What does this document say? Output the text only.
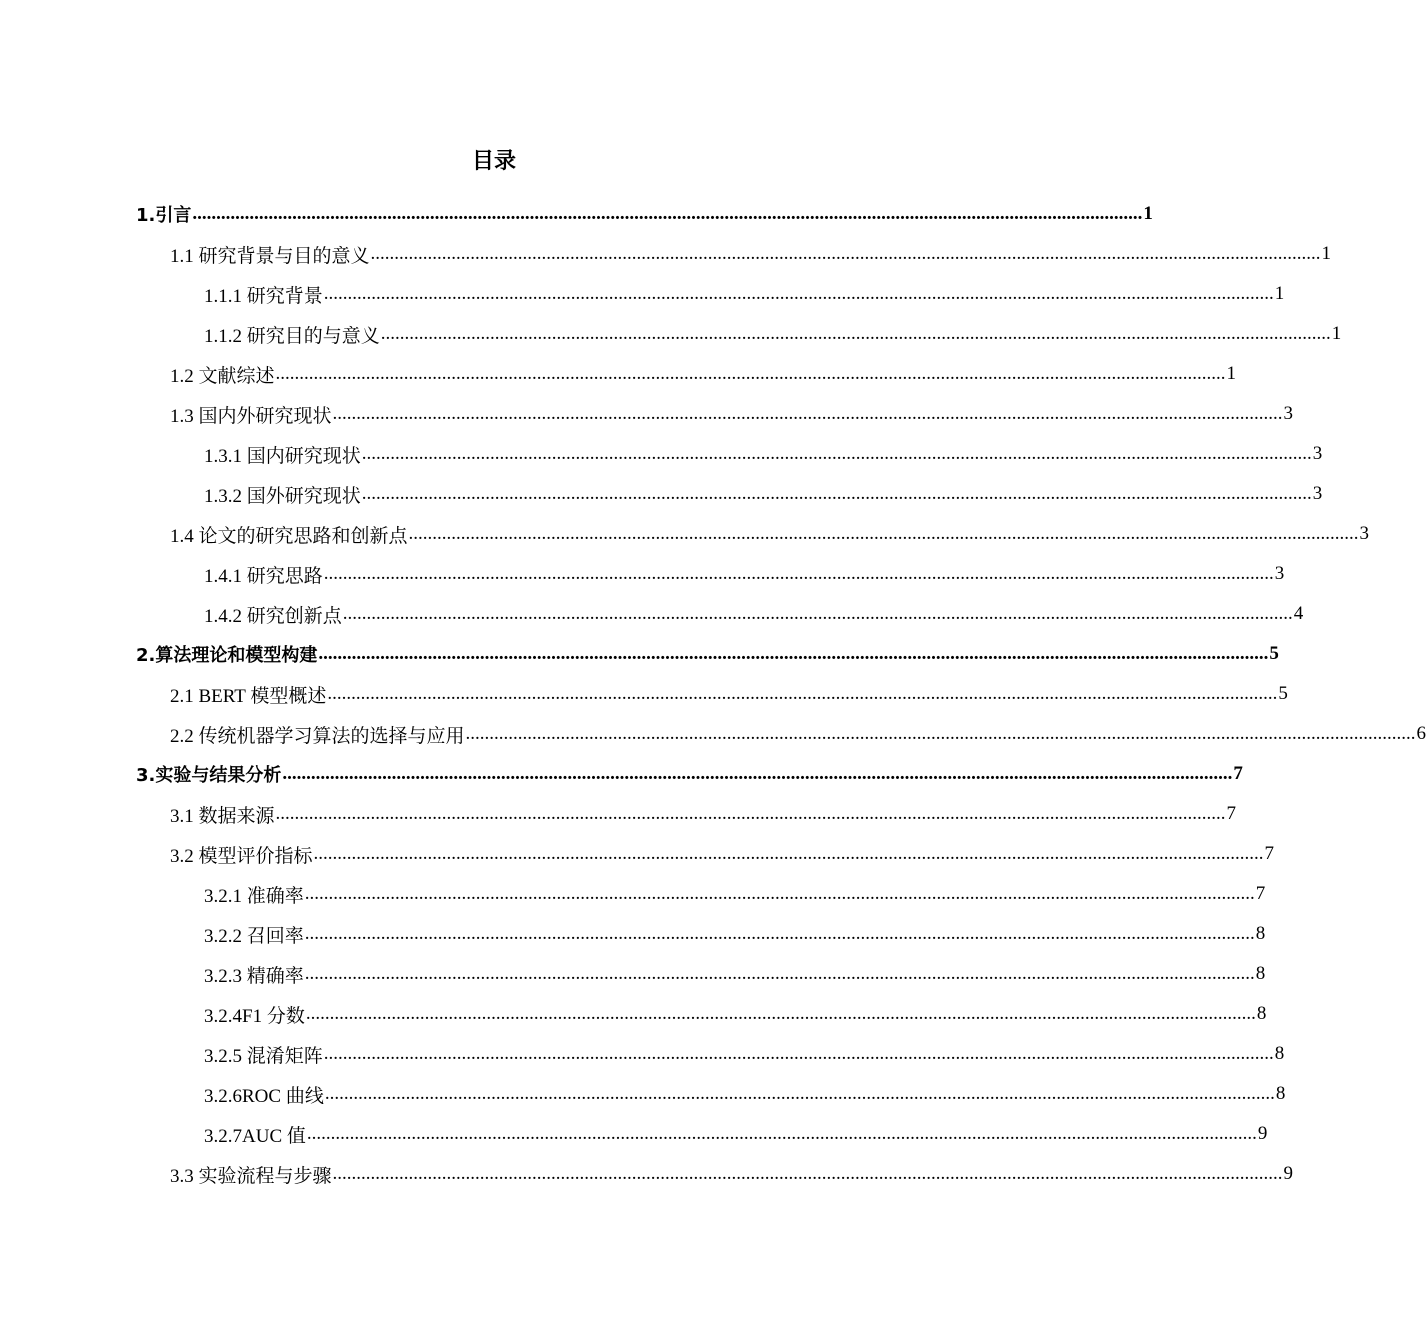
目录
1.引言 ........................................................................................................................................................................................................ 1
1.1 研究背景与目的意义 ........................................................................................................................................................................................................ 1
1.1.1 研究背景 ........................................................................................................................................................................................................ 1
1.1.2 研究目的与意义 ........................................................................................................................................................................................................ 1
1.2 文献综述 ........................................................................................................................................................................................................ 1
1.3 国内外研究现状 ........................................................................................................................................................................................................ 3
1.3.1 国内研究现状 ........................................................................................................................................................................................................ 3
1.3.2 国外研究现状 ........................................................................................................................................................................................................ 3
1.4 论文的研究思路和创新点 ........................................................................................................................................................................................................ 3
1.4.1 研究思路 ........................................................................................................................................................................................................ 3
1.4.2 研究创新点 ........................................................................................................................................................................................................ 4
2.算法理论和模型构建 ........................................................................................................................................................................................................ 5
2.1 BERT 模型概述 ........................................................................................................................................................................................................ 5
2.2 传统机器学习算法的选择与应用 ........................................................................................................................................................................................................ 6
3.实验与结果分析 ........................................................................................................................................................................................................ 7
3.1 数据来源 ........................................................................................................................................................................................................ 7
3.2 模型评价指标 ........................................................................................................................................................................................................ 7
3.2.1 准确率 ........................................................................................................................................................................................................ 7
3.2.2 召回率 ........................................................................................................................................................................................................ 8
3.2.3 精确率 ........................................................................................................................................................................................................ 8
3.2.4F1 分数 ........................................................................................................................................................................................................ 8
3.2.5 混淆矩阵 ........................................................................................................................................................................................................ 8
3.2.6ROC 曲线 ........................................................................................................................................................................................................ 8
3.2.7AUC 值 ........................................................................................................................................................................................................ 9
3.3 实验流程与步骤 ........................................................................................................................................................................................................ 9
